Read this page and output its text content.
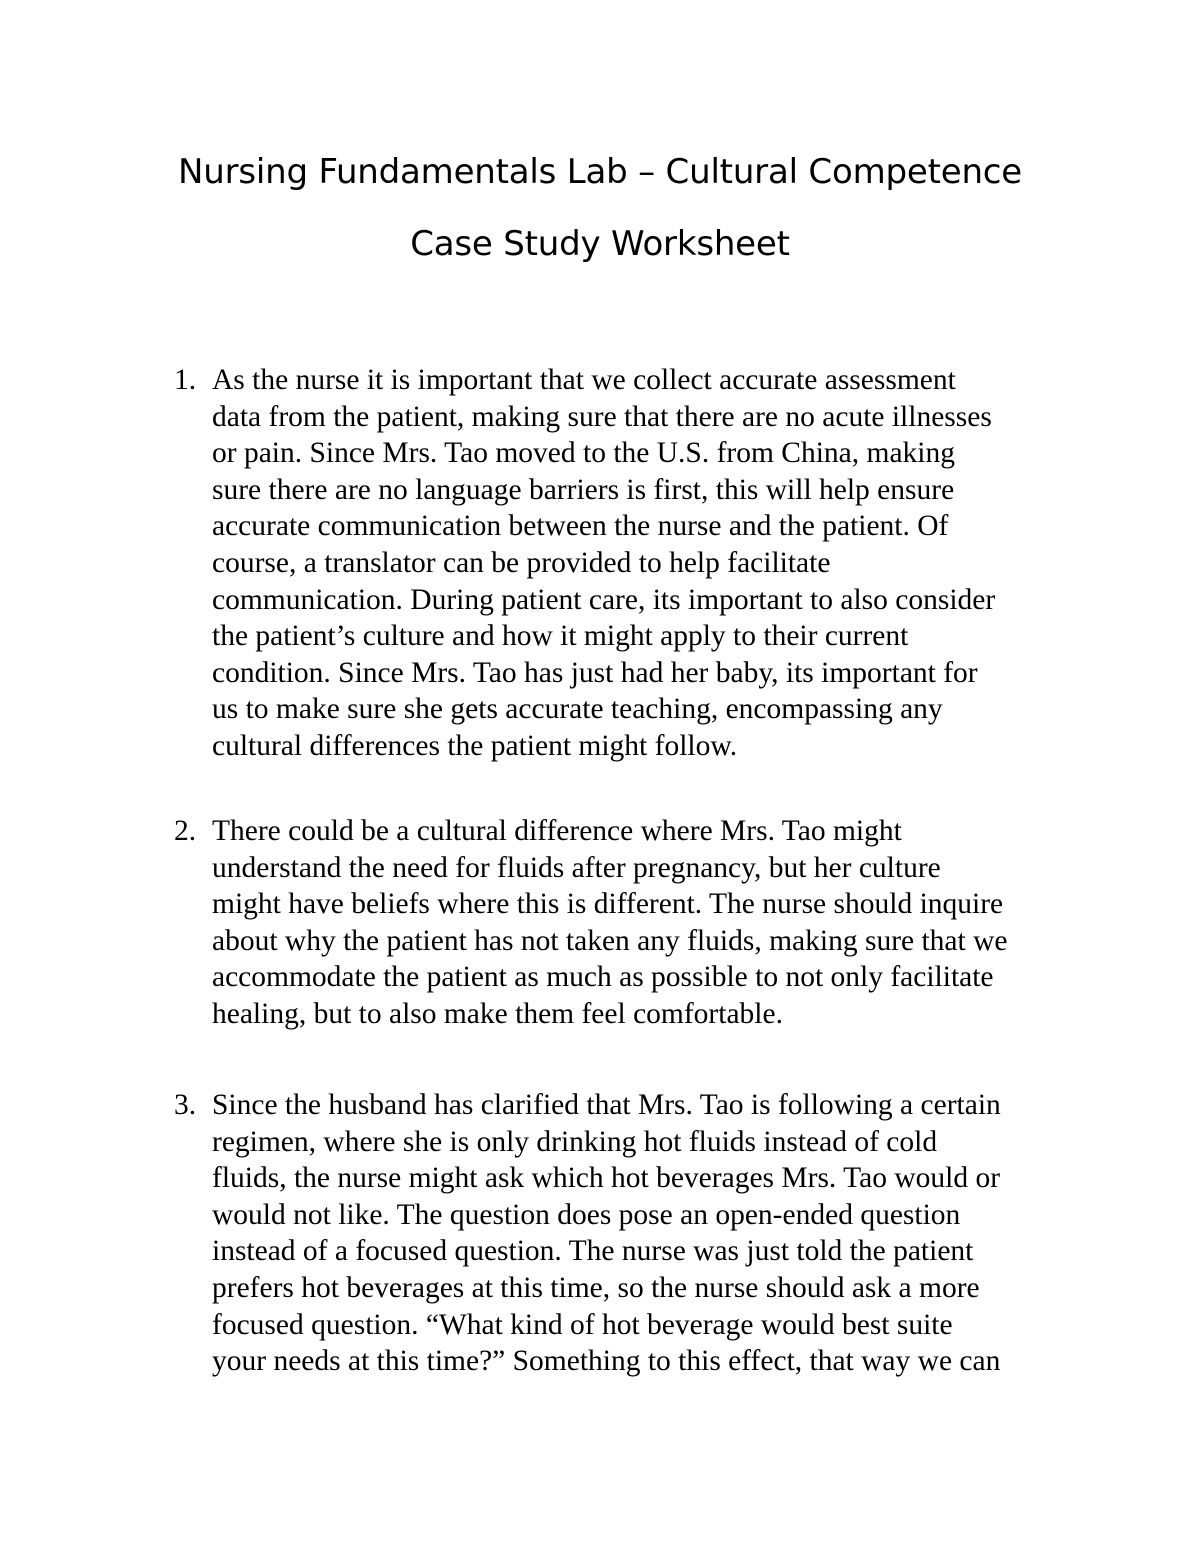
Nursing Fundamentals Lab – Cultural Competence
Case Study Worksheet
1. As the nurse it is important that we collect accurate assessment
data from the patient, making sure that there are no acute illnesses
or pain. Since Mrs. Tao moved to the U.S. from China, making
sure there are no language barriers is first, this will help ensure
accurate communication between the nurse and the patient. Of
course, a translator can be provided to help facilitate
communication. During patient care, its important to also consider
the patient’s culture and how it might apply to their current
condition. Since Mrs. Tao has just had her baby, its important for
us to make sure she gets accurate teaching, encompassing any
cultural differences the patient might follow.
2. There could be a cultural difference where Mrs. Tao might
understand the need for fluids after pregnancy, but her culture
might have beliefs where this is different. The nurse should inquire
about why the patient has not taken any fluids, making sure that we
accommodate the patient as much as possible to not only facilitate
healing, but to also make them feel comfortable.
3. Since the husband has clarified that Mrs. Tao is following a certain
regimen, where she is only drinking hot fluids instead of cold
fluids, the nurse might ask which hot beverages Mrs. Tao would or
would not like. The question does pose an open-ended question
instead of a focused question. The nurse was just told the patient
prefers hot beverages at this time, so the nurse should ask a more
focused question. “What kind of hot beverage would best suite
your needs at this time?” Something to this effect, that way we can
